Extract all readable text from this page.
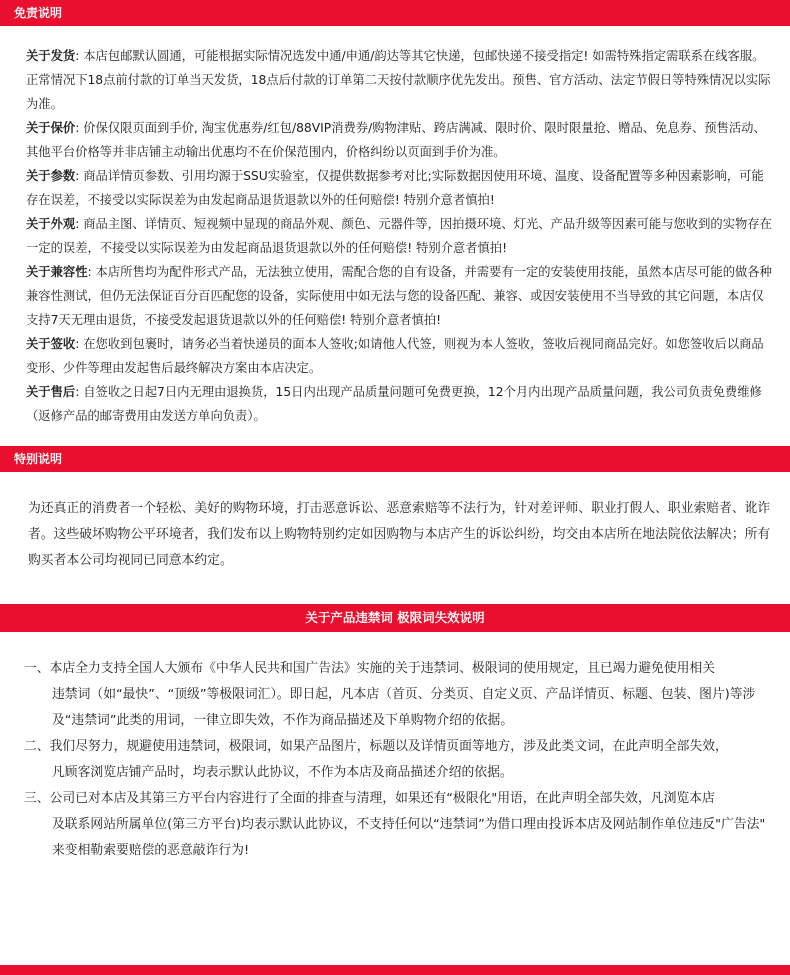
免责说明

关于发货: 本店包邮默认圆通，可能根据实际情况选发中通/申通/韵达等其它快递，包邮快递不接受指定! 如需特殊指定需联系在线客服。正常情况下18点前付款的订单当天发货，18点后付款的订单第二天按付款顺序优先发出。预售、官方活动、法定节假日等特殊情况以实际为准。

关于保价: 价保仅限页面到手价, 淘宝优惠券/红包/88VIP消费券/购物津贴、跨店满减、限时价、限时限量抢、赠品、免息券、预售活动、其他平台价格等并非店铺主动输出优惠均不在价保范围内，价格纠纷以页面到手价为准。

关于参数: 商品详情页参数、引用均源于SSU实验室，仅提供数据参考对比;实际数据因使用环境、温度、设备配置等多种因素影响，可能存在误差，不接受以实际误差为由发起商品退货退款以外的任何赔偿! 特别介意者慎拍!

关于外观: 商品主图、详情页、短视频中显现的商品外观、颜色、元器件等，因拍摄环境、灯光、产品升级等因素可能与您收到的实物存在一定的误差，不接受以实际误差为由发起商品退货退款以外的任何赔偿! 特别介意者慎拍!

关于兼容性: 本店所售均为配件形式产品，无法独立使用，需配合您的自有设备，并需要有一定的安装使用技能，虽然本店尽可能的做各种兼容性测试，但仍无法保证百分百匹配您的设备，实际使用中如无法与您的设备匹配、兼容、或因安装使用不当导致的其它问题，本店仅支持7天无理由退货，不接受发起退货退款以外的任何赔偿! 特别介意者慎拍!

关于签收: 在您收到包裹时，请务必当着快递员的面本人签收;如请他人代签，则视为本人签收，签收后视同商品完好。如您签收后以商品变形、少件等理由发起售后最终解决方案由本店决定。

关于售后: 自签收之日起7日内无理由退换货，15日内出现产品质量问题可免费更换，12个月内出现产品质量问题，我公司负责免费维修（返修产品的邮寄费用由发送方单向负责）。

特别说明

为还真正的消费者一个轻松、美好的购物环境，打击恶意诉讼、恶意索赔等不法行为，针对差评师、职业打假人、职业索赔者、讹诈者。这些破坏购物公平环境者，我们发布以上购物特别约定如因购物与本店产生的诉讼纠纷，均交由本店所在地法院依法解决；所有购买者本公司均视同已同意本约定。

关于产品违禁词 极限词失效说明

一、本店全力支持全国人大颁布《中华人民共和国广告法》实施的关于违禁词、极限词的使用规定，且已竭力避免使用相关

违禁词（如“最快”、“顶级”等极限词汇）。即日起，凡本店（首页、分类页、自定义页、产品详情页、标题、包装、图片)等涉及“违禁词”此类的用词，一律立即失效，不作为商品描述及下单购物介绍的依据。

二、我们尽努力，规避使用违禁词，极限词，如果产品图片，标题以及详情页面等地方，涉及此类文词，在此声明全部失效，

凡顾客浏览店铺产品时，均表示默认此协议，不作为本店及商品描述介绍的依据。

三、公司已对本店及其第三方平台内容进行了全面的排查与清理，如果还有“极限化"用语，在此声明全部失效，凡浏览本店

及联系网站所属单位(第三方平台)均表示默认此协议，不支持任何以“违禁词”为借口理由投诉本店及网站制作单位违反"广告法" 来变相勒索要赔偿的恶意敲诈行为!
